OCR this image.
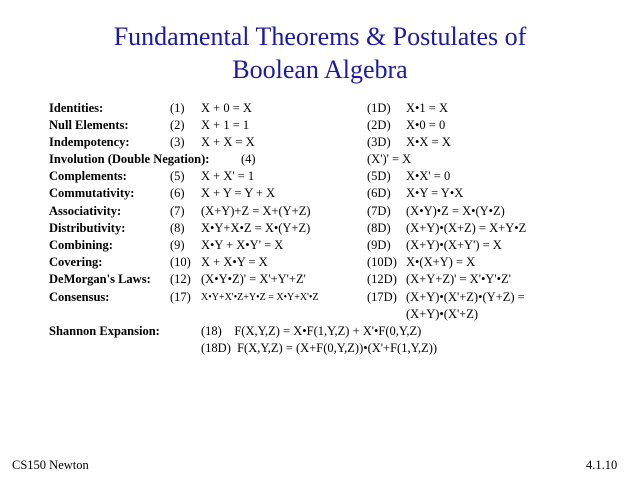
Fundamental Theorems & Postulates of
Boolean Algebra
Identities:	(1) X + 0 = X	(1D) X•1 = X
Null Elements:	(2) X + 1 = 1	(2D) X•0 = 0
Indempotency:	(3) X + X = X	(3D) X•X = X
Involution (Double Negation):	(4)	(X')' = X
Complements:	(5) X + X' = 1	(5D) X•X' = 0
Commutativity:	(6) X + Y = Y + X	(6D) X•Y = Y•X
Associativity:	(7) (X+Y)+Z = X+(Y+Z)	(7D) (X•Y)•Z = X•(Y•Z)
Distributivity:	(8) X•Y+X•Z = X•(Y+Z)	(8D) (X+Y)•(X+Z) = X+Y•Z
Combining:	(9) X•Y + X•Y' = X	(9D) (X+Y)•(X+Y') = X
Covering:	(10) X + X•Y = X	(10D) X•(X+Y) = X
DeMorgan's Laws: (12) (X•Y•Z)' = X'+Y'+Z'	(12D) (X+Y+Z)' = X'•Y'•Z'
Consensus:	(17) X•Y+X'•Z+Y•Z = X•Y+X'•Z	(17D) (X+Y)•(X'+Z)•(Y+Z) =
(X+Y)•(X'+Z)
Shannon Expansion:	(18)    F(X,Y,Z) = X•F(1,Y,Z) + X'•F(0,Y,Z)
(18D)  F(X,Y,Z) = (X+F(0,Y,Z))•(X'+F(1,Y,Z))
CS150 Newton	4.1.10
